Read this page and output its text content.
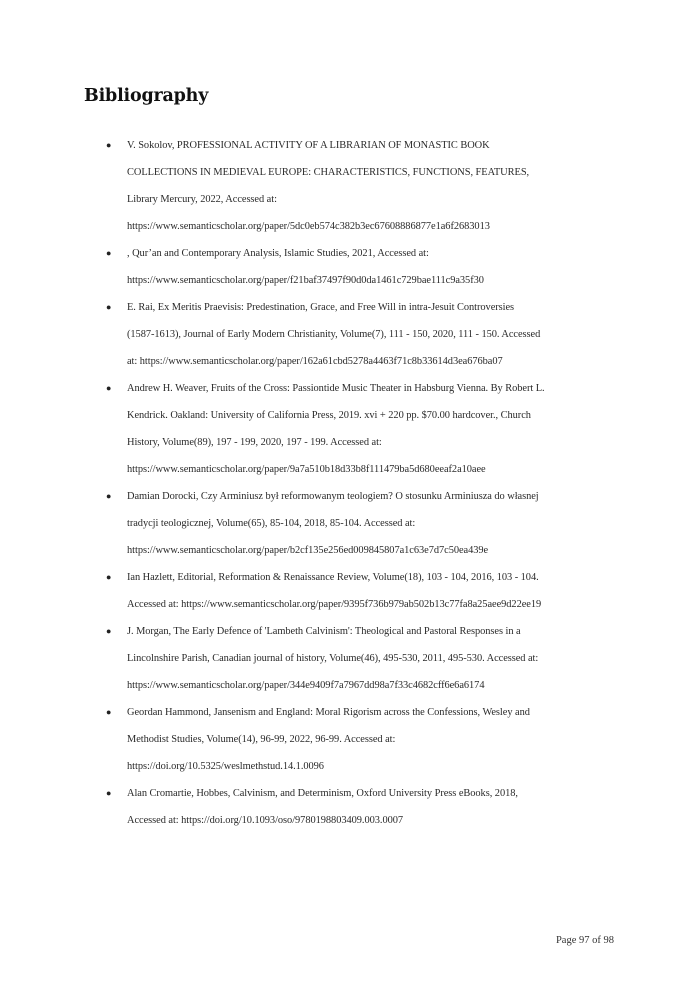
Bibliography
● V. Sokolov, PROFESSIONAL ACTIVITY OF A LIBRARIAN OF MONASTIC BOOK
COLLECTIONS IN MEDIEVAL EUROPE: CHARACTERISTICS, FUNCTIONS, FEATURES,
Library Mercury, 2022, Accessed at:
https://www.semanticscholar.org/paper/5dc0eb574c382b3ec67608886877e1a6f2683013
● , Qur’an and Contemporary Analysis, Islamic Studies, 2021, Accessed at:
https://www.semanticscholar.org/paper/f21baf37497f90d0da1461c729bae111c9a35f30
● E. Rai, Ex Meritis Praevisis: Predestination, Grace, and Free Will in intra-Jesuit Controversies
(1587-1613), Journal of Early Modern Christianity, Volume(7), 111 - 150, 2020, 111 - 150. Accessed
at: https://www.semanticscholar.org/paper/162a61cbd5278a4463f71c8b33614d3ea676ba07
● Andrew H. Weaver, Fruits of the Cross: Passiontide Music Theater in Habsburg Vienna. By Robert L.
Kendrick. Oakland: University of California Press, 2019. xvi + 220 pp. $70.00 hardcover., Church
History, Volume(89), 197 - 199, 2020, 197 - 199. Accessed at:
https://www.semanticscholar.org/paper/9a7a510b18d33b8f111479ba5d680eeaf2a10aee
● Damian Dorocki, Czy Arminiusz był reformowanym teologiem? O stosunku Arminiusza do własnej
tradycji teologicznej, Volume(65), 85-104, 2018, 85-104. Accessed at:
https://www.semanticscholar.org/paper/b2cf135e256ed009845807a1c63e7d7c50ea439e
● Ian Hazlett, Editorial, Reformation & Renaissance Review, Volume(18), 103 - 104, 2016, 103 - 104.
Accessed at: https://www.semanticscholar.org/paper/9395f736b979ab502b13c77fa8a25aee9d22ee19
● J. Morgan, The Early Defence of 'Lambeth Calvinism': Theological and Pastoral Responses in a
Lincolnshire Parish, Canadian journal of history, Volume(46), 495-530, 2011, 495-530. Accessed at:
https://www.semanticscholar.org/paper/344e9409f7a7967dd98a7f33c4682cff6e6a6174
● Geordan Hammond, Jansenism and England: Moral Rigorism across the Confessions, Wesley and
Methodist Studies, Volume(14), 96-99, 2022, 96-99. Accessed at:
https://doi.org/10.5325/weslmethstud.14.1.0096
● Alan Cromartie, Hobbes, Calvinism, and Determinism, Oxford University Press eBooks, 2018,
Accessed at: https://doi.org/10.1093/oso/9780198803409.003.0007
Page 97 of 98
